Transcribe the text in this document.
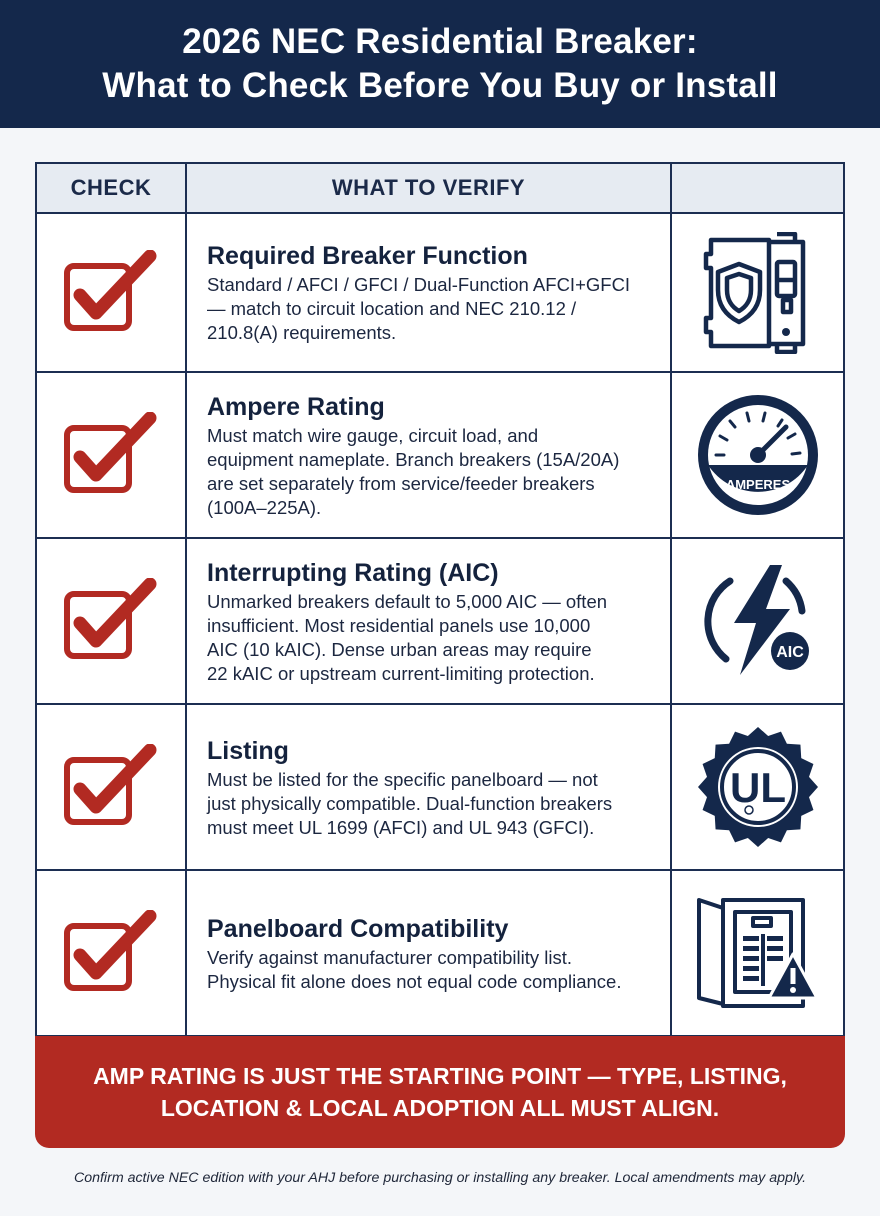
2026 NEC Residential Breaker:
What to Check Before You Buy or Install
CHECK	WHAT TO VERIFY
Required Breaker Function
Standard / AFCI / GFCI / Dual-Function AFCI+GFCI
— match to circuit location and NEC 210.12 /
210.8(A) requirements.
Ampere Rating
Must match wire gauge, circuit load, and
equipment nameplate. Branch breakers (15A/20A)
are set separately from service/feeder breakers
(100A–225A).
AMPERES
Interrupting Rating (AIC)
Unmarked breakers default to 5,000 AIC — often
insufficient. Most residential panels use 10,000
AIC (10 kAIC). Dense urban areas may require
22 kAIC or upstream current-limiting protection.
AIC
Listing
Must be listed for the specific panelboard — not
just physically compatible. Dual-function breakers
must meet UL 1699 (AFCI) and UL 943 (GFCI).
UL
Panelboard Compatibility
Verify against manufacturer compatibility list.
Physical fit alone does not equal code compliance.
AMP RATING IS JUST THE STARTING POINT — TYPE, LISTING,
LOCATION & LOCAL ADOPTION ALL MUST ALIGN.
Confirm active NEC edition with your AHJ before purchasing or installing any breaker. Local amendments may apply.
